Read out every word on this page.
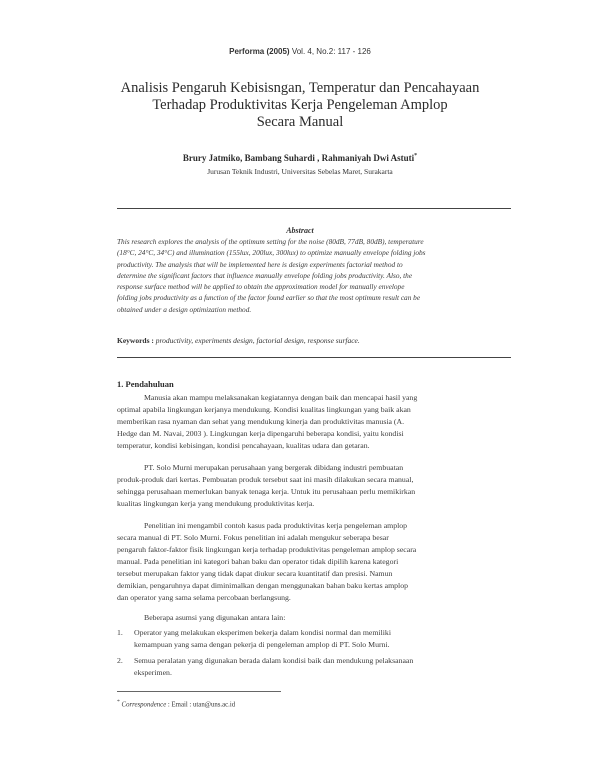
Performa (2005) Vol. 4, No.2: 117 - 126
Analisis Pengaruh Kebisisngan, Temperatur dan Pencahayaan
Terhadap Produktivitas Kerja Pengeleman Amplop
Secara Manual
Brury Jatmiko, Bambang Suhardi , Rahmaniyah Dwi Astuti*
Jurusan Teknik Industri, Universitas Sebelas Maret, Surakarta
Abstract
This research explores the analysis of the optimum setting for the noise (80dB, 77dB, 80dB), temperature
(18°C, 24°C, 34°C) and illumination (155lux, 200lux, 300lux) to optimize manually envelope folding jobs
productivity. The analysis that will be implemented here is design experiments factorial method to
determine the significant factors that influence manually envelope folding jobs productivity. Also, the
response surface method will be applied to obtain the approximation model for manually envelope
folding jobs productivity as a function of the factor found earlier so that the most optimum result can be
obtained under a design optimization method.
Keywords : productivity, experiments design, factorial design, response surface.
1. Pendahuluan
Manusia akan mampu melaksanakan kegiatannya dengan baik dan mencapai hasil yang
optimal apabila lingkungan kerjanya mendukung. Kondisi kualitas lingkungan yang baik akan
memberikan rasa nyaman dan sehat yang mendukung kinerja dan produktivitas manusia (A.
Hedge dan M. Navai, 2003 ). Lingkungan kerja dipengaruhi beberapa kondisi, yaitu kondisi
temperatur, kondisi kebisingan, kondisi pencahayaan, kualitas udara dan getaran.
PT. Solo Murni merupakan perusahaan yang bergerak dibidang industri pembuatan
produk-produk dari kertas. Pembuatan produk tersebut saat ini masih dilakukan secara manual,
sehingga perusahaan memerlukan banyak tenaga kerja. Untuk itu perusahaan perlu memikirkan
kualitas lingkungan kerja yang mendukung produktivitas kerja.
Penelitian ini mengambil contoh kasus pada produktivitas kerja pengeleman amplop
secara manual di PT. Solo Murni. Fokus penelitian ini adalah mengukur seberapa besar
pengaruh faktor-faktor fisik lingkungan kerja terhadap produktivitas pengeleman amplop secara
manual. Pada penelitian ini kategori bahan baku dan operator tidak dipilih karena kategori
tersebut merupakan faktor yang tidak dapat diukur secara kuantitatif dan presisi. Namun
demikian, pengaruhnya dapat diminimalkan dengan menggunakan bahan baku kertas amplop
dan operator yang sama selama percobaan berlangsung.
Beberapa asumsi yang digunakan antara lain:
1.	Operator yang melakukan eksperimen bekerja dalam kondisi normal dan memiliki
kemampuan yang sama dengan pekerja di pengeleman amplop di PT. Solo Murni.
2.	Semua peralatan yang digunakan berada dalam kondisi baik dan mendukung pelaksanaan
eksperimen.
* Correspondence : Email : utan@uns.ac.id
